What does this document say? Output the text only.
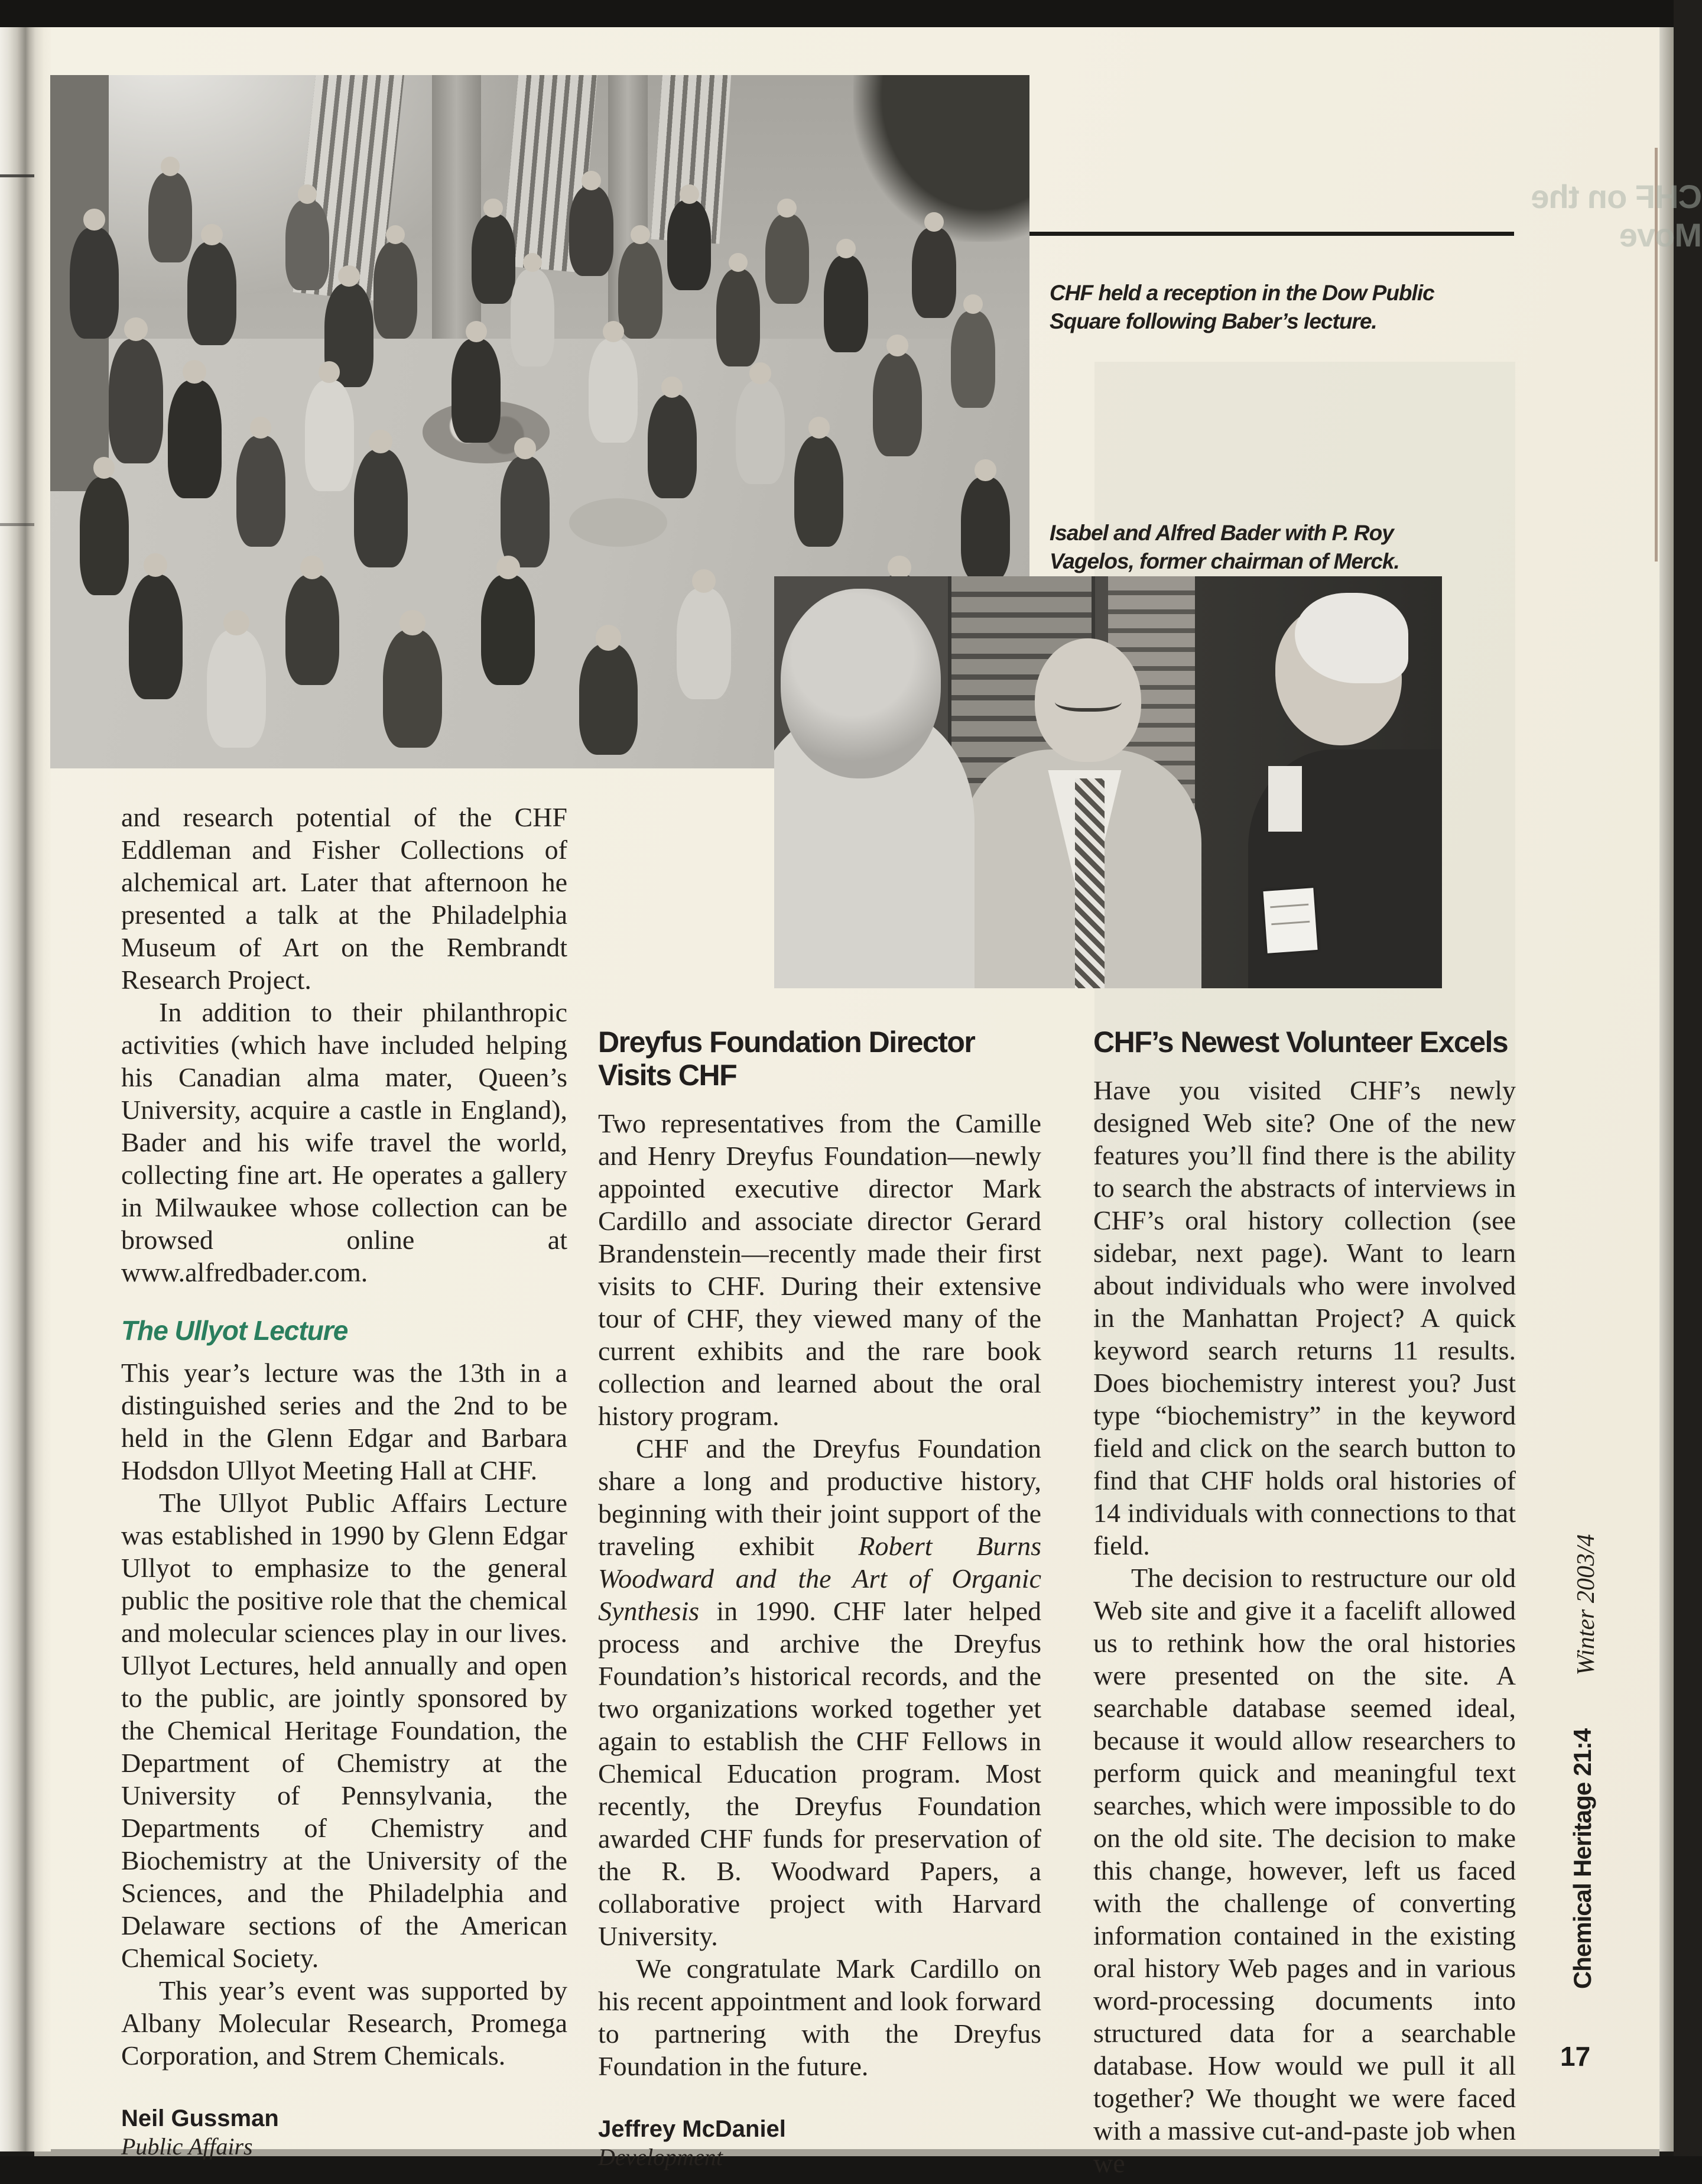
CHF on the Move
CHF held a reception in the Dow Public Square following Baber’s lecture.
Isabel and Alfred Bader with P. Roy Vagelos, former chairman of Merck.

and research potential of the CHF Eddleman and Fisher Collections of alchemical art. Later that afternoon he presented a talk at the Philadelphia Museum of Art on the Rembrandt Research Project.

In addition to their philanthropic activities (which have included helping his Canadian alma mater, Queen’s University, acquire a castle in England), Bader and his wife travel the world, collecting fine art. He operates a gallery in Milwaukee whose collection can be browsed online at www.alfredbader.com.

The Ullyot Lecture

This year’s lecture was the 13th in a distinguished series and the 2nd to be held in the Glenn Edgar and Barbara Hodsdon Ullyot Meeting Hall at CHF.

The Ullyot Public Affairs Lecture was established in 1990 by Glenn Edgar Ullyot to emphasize to the general public the positive role that the chemical and molecular sciences play in our lives. Ullyot Lectures, held annually and open to the public, are jointly sponsored by the Chemical Heritage Foundation, the Department of Chemistry at the University of Pennsylvania, the Departments of Chemistry and Biochemistry at the University of the Sciences, and the Philadelphia and Delaware sections of the American Chemical Society.

This year’s event was supported by Albany Molecular Research, Promega Corporation, and Strem Chemicals.

Neil Gussman
Public Affairs
Dreyfus Foundation Director Visits CHF

Two representatives from the Camille and Henry Dreyfus Foundation—newly appointed executive director Mark Cardillo and associate director Gerard Brandenstein—recently made their first visits to CHF. During their extensive tour of CHF, they viewed many of the current exhibits and the rare book collection and learned about the oral history program.

CHF and the Dreyfus Foundation share a long and productive history, beginning with their joint support of the traveling exhibit Robert Burns Woodward and the Art of Organic Synthesis in 1990. CHF later helped process and archive the Dreyfus Foundation’s historical records, and the two organizations worked together yet again to establish the CHF Fellows in Chemical Education program. Most recently, the Dreyfus Foundation awarded CHF funds for preservation of the R. B. Woodward Papers, a collaborative project with Harvard University.

We congratulate Mark Cardillo on his recent appointment and look forward to partnering with the Dreyfus Foundation in the future.

Jeffrey McDaniel
Development
CHF’s Newest Volunteer Excels

Have you visited CHF’s newly designed Web site? One of the new features you’ll find there is the ability to search the abstracts of interviews in CHF’s oral history collection (see sidebar, next page). Want to learn about individuals who were involved in the Manhattan Project? A quick keyword search returns 11 results. Does biochemistry interest you? Just type “biochemistry” in the keyword field and click on the search button to find that CHF holds oral histories of 14 individuals with connections to that field.

The decision to restructure our old Web site and give it a facelift allowed us to rethink how the oral histories were presented on the site. A searchable database seemed ideal, because it would allow researchers to perform quick and meaningful text searches, which were impossible to do on the old site. The decision to make this change, however, left us faced with the challenge of converting information contained in the existing oral history Web pages and in various word-processing documents into structured data for a searchable database. How would we pull it all together? We thought we were faced with a massive cut-and-paste job when we

Winter 2003/4
Chemical Heritage 21:4
17
